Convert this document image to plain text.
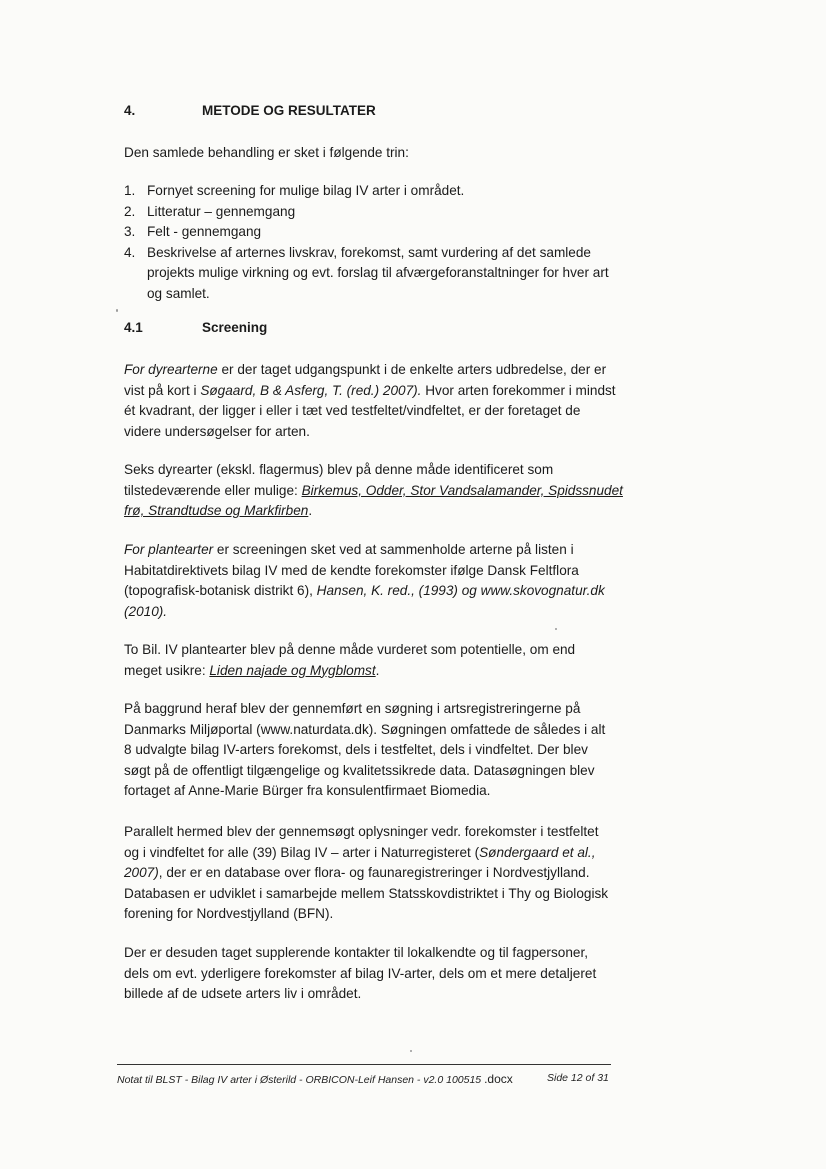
4.	METODE OG RESULTATER
Den samlede behandling er sket i følgende trin:
1. Fornyet screening for mulige bilag IV arter i området.
2. Litteratur – gennemgang
3. Felt - gennemgang
4. Beskrivelse af arternes livskrav, forekomst, samt vurdering af det samlede
projekts mulige virkning og evt. forslag til afværgeforanstaltninger for hver art
og samlet.
4.1	Screening
For dyrearterne er der taget udgangspunkt i de enkelte arters udbredelse, der er
vist på kort i Søgaard, B & Asferg, T. (red.) 2007). Hvor arten forekommer i mindst
ét kvadrant, der ligger i eller i tæt ved testfeltet/vindfeltet, er der foretaget de
videre undersøgelser for arten.
Seks dyrearter (ekskl. flagermus) blev på denne måde identificeret som
tilstedeværende eller mulige: Birkemus, Odder, Stor Vandsalamander, Spidssnudet
frø, Strandtudse og Markfirben.
For plantearter er screeningen sket ved at sammenholde arterne på listen i
Habitatdirektivets bilag IV med de kendte forekomster ifølge Dansk Feltflora
(topografisk-botanisk distrikt 6), Hansen, K. red., (1993) og www.skovognatur.dk
(2010).
To Bil. IV plantearter blev på denne måde vurderet som potentielle, om end
meget usikre: Liden najade og Mygblomst.
På baggrund heraf blev der gennemført en søgning i artsregistreringerne på
Danmarks Miljøportal (www.naturdata.dk). Søgningen omfattede de således i alt
8 udvalgte bilag IV-arters forekomst, dels i testfeltet, dels i vindfeltet. Der blev
søgt på de offentligt tilgængelige og kvalitetssikrede data. Datasøgningen blev
fortaget af Anne-Marie Bürger fra konsulentfirmaet Biomedia.
Parallelt hermed blev der gennemsøgt oplysninger vedr. forekomster i testfeltet
og i vindfeltet for alle (39) Bilag IV – arter i Naturregisteret (Søndergaard et al.,
2007), der er en database over flora- og faunaregistreringer i Nordvestjylland.
Databasen er udviklet i samarbejde mellem Statsskovdistriktet i Thy og Biologisk
forening for Nordvestjylland (BFN).
Der er desuden taget supplerende kontakter til lokalkendte og til fagpersoner,
dels om evt. yderligere forekomster af bilag IV-arter, dels om et mere detaljeret
billede af de udsete arters liv i området.
Notat til BLST - Bilag IV arter i Østerild - ORBICON-Leif Hansen - v2.0 100515 .docx	Side 12 of 31
